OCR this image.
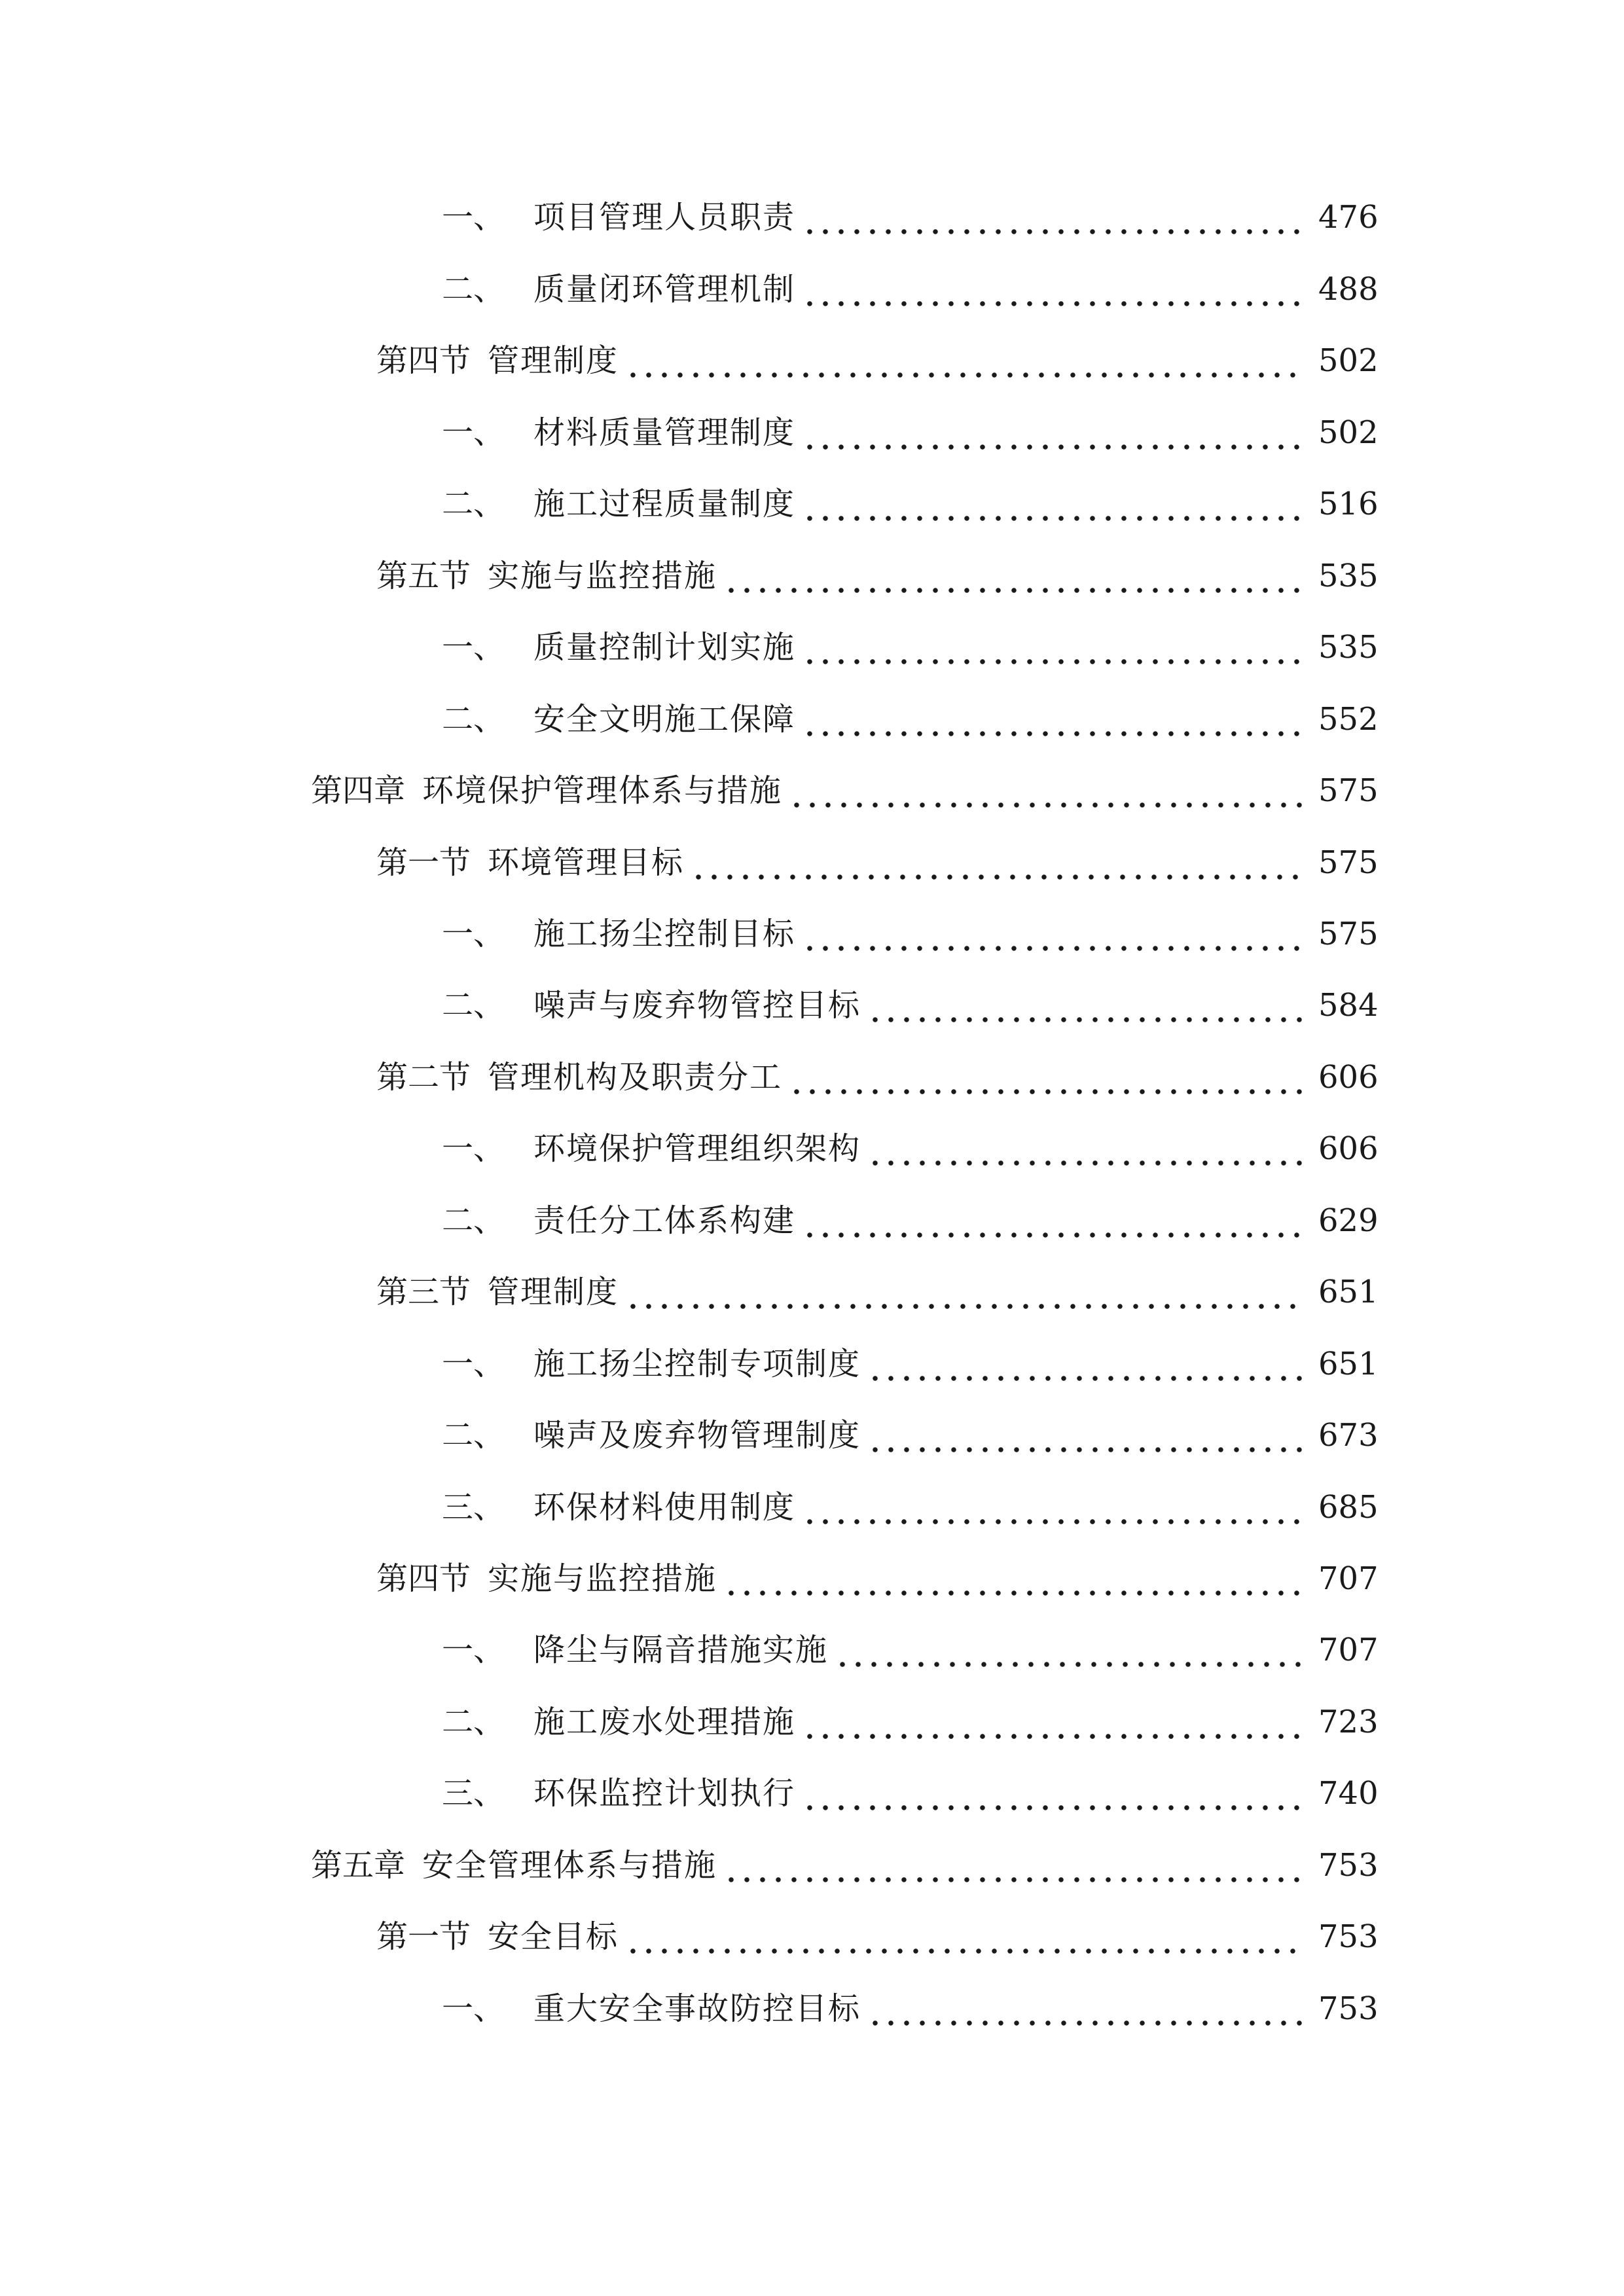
一、 项目管理人员职责	476
二、 质量闭环管理机制	488
第四节 管理制度	502
一、 材料质量管理制度	502
二、 施工过程质量制度	516
第五节 实施与监控措施	535
一、 质量控制计划实施	535
二、 安全文明施工保障	552
第四章 环境保护管理体系与措施	575
第一节 环境管理目标	575
一、 施工扬尘控制目标	575
二、 噪声与废弃物管控目标	584
第二节 管理机构及职责分工	606
一、 环境保护管理组织架构	606
二、 责任分工体系构建	629
第三节 管理制度	651
一、 施工扬尘控制专项制度	651
二、 噪声及废弃物管理制度	673
三、 环保材料使用制度	685
第四节 实施与监控措施	707
一、 降尘与隔音措施实施	707
二、 施工废水处理措施	723
三、 环保监控计划执行	740
第五章 安全管理体系与措施	753
第一节 安全目标	753
一、 重大安全事故防控目标	753
